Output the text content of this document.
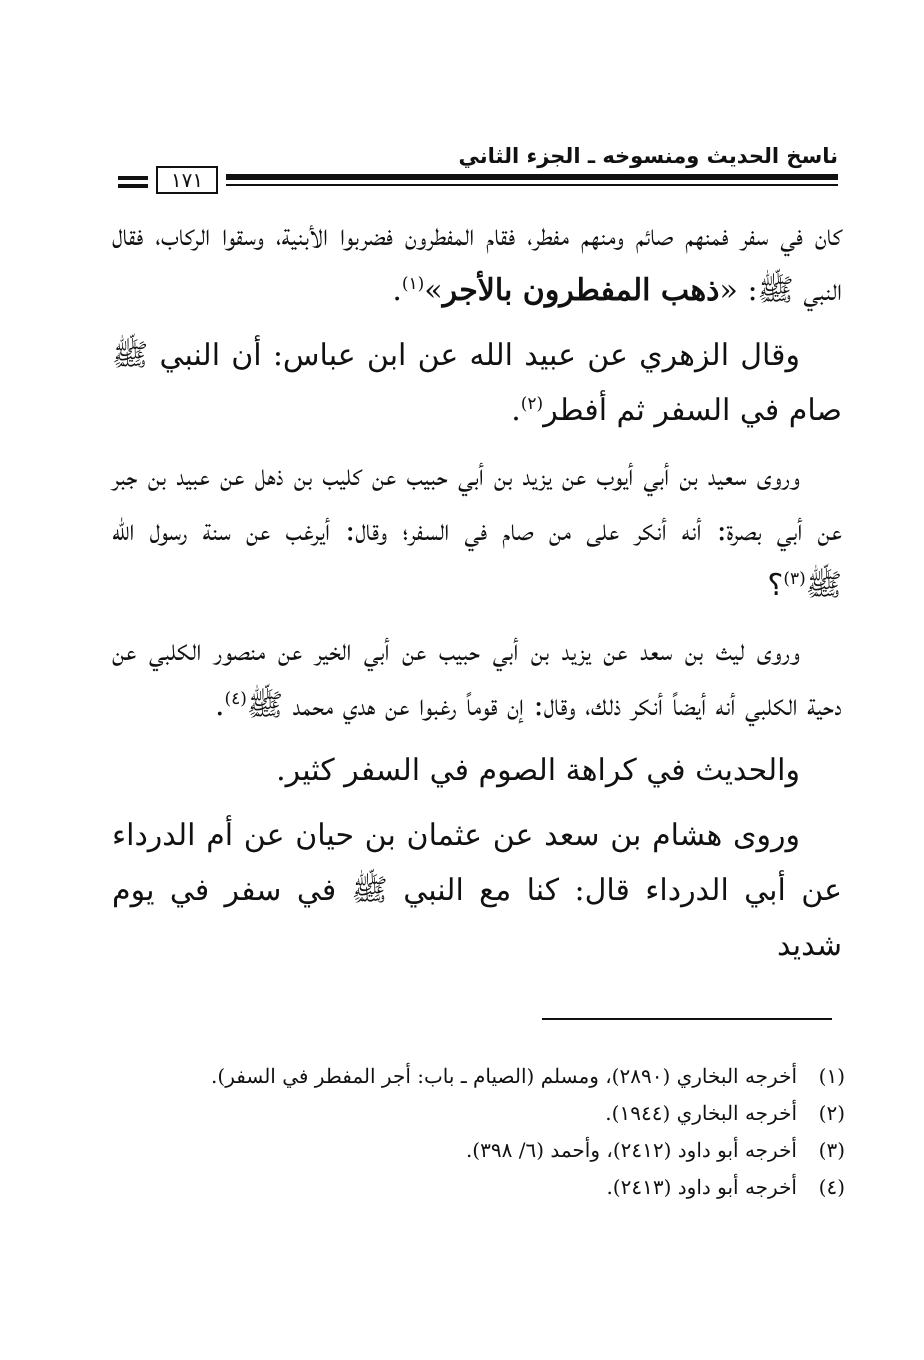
ناسخ الحديث ومنسوخه ـ الجزء الثاني
١٧١

كان في سفر فمنهم صائم ومنهم مفطر، فقام المفطرون فضربوا الأبنية، وسقوا الركاب، فقال النبي ﷺ: «ذهب المفطرون بالأجر»$^{(١)}$.

وقال الزهري عن عبيد الله عن ابن عباس: أن النبي ﷺ صام في السفر ثم أفطر$^{(٢)}$.

وروى سعيد بن أبي أيوب عن يزيد بن أبي حبيب عن كليب بن ذهل عن عبيد بن جبر عن أبي بصرة: أنه أنكر على من صام في السفر؛ وقال: أيرغب عن سنة رسول الله ﷺ$^{(٣)}$؟

وروى ليث بن سعد عن يزيد بن أبي حبيب عن أبي الخير عن منصور الكلبي عن دحية الكلبي أنه أيضاً أنكر ذلك، وقال: إن قوماً رغبوا عن هدي محمد ﷺ$^{(٤)}$.

والحديث في كراهة الصوم في السفر كثير.

وروى هشام بن سعد عن عثمان بن حيان عن أم الدرداء عن أبي الدرداء قال: كنا مع النبي ﷺ في سفر في يوم شديد

(١)
أخرجه البخاري (٢٨٩٠)، ومسلم (الصيام ـ باب: أجر المفطر في السفر).
(٢)
أخرجه البخاري (١٩٤٤).
(٣)
أخرجه أبو داود (٢٤١٢)، وأحمد (٦/ ٣٩٨).
(٤)
أخرجه أبو داود (٢٤١٣).
